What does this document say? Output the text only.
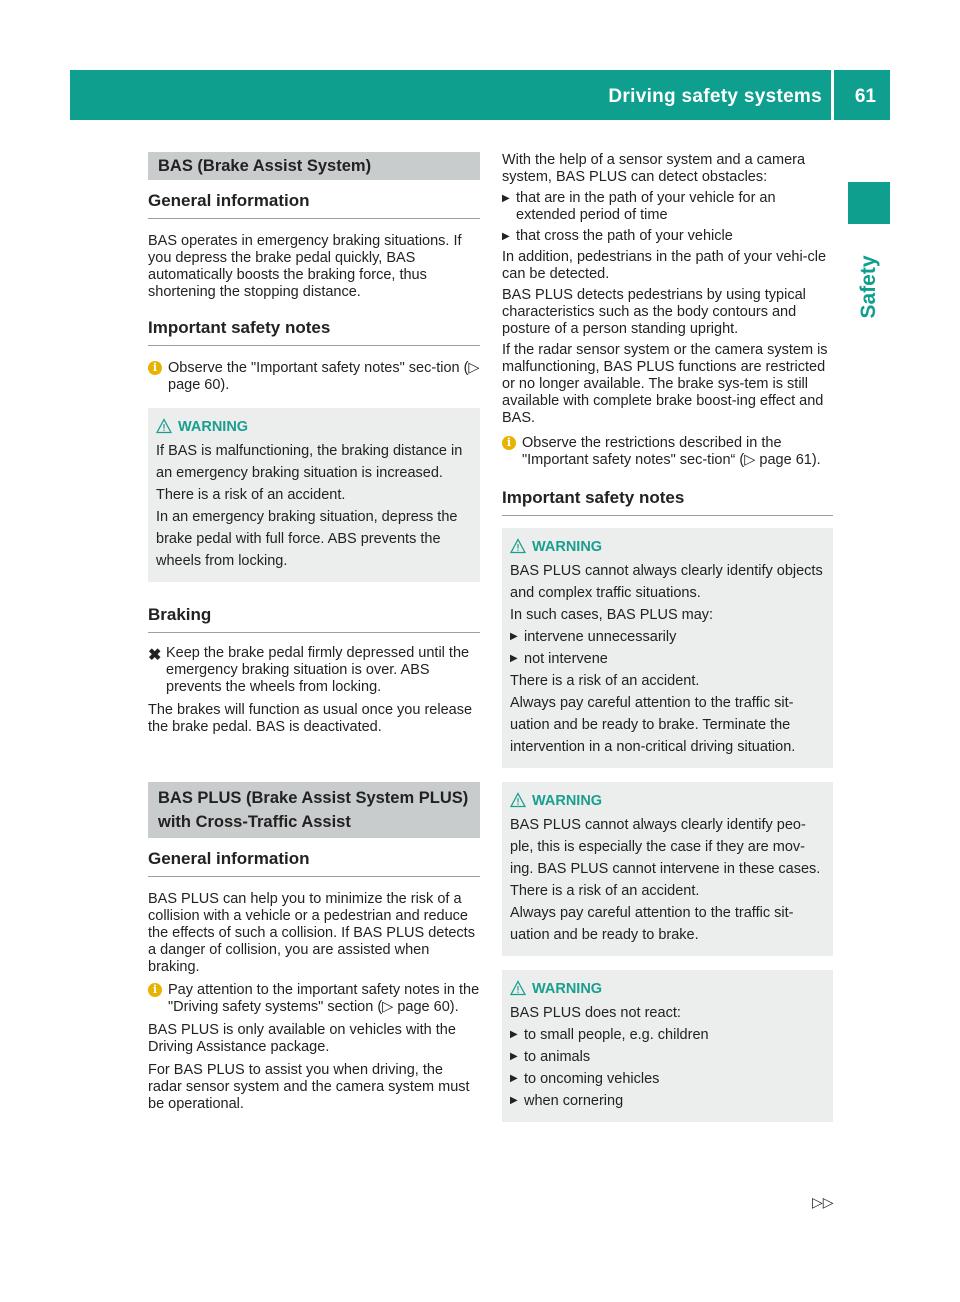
Driving safety systems 61
Safety
BAS (Brake Assist System)
General information

BAS operates in emergency braking situations. If you depress the brake pedal quickly, BAS automatically boosts the braking force, thus shortening the stopping distance.

Important safety notes
i Observe the "Important safety notes" sec-tion (▷ page 60).

WARNING

If BAS is malfunctioning, the braking distance in an emergency braking situation is increased. There is a risk of an accident.

In an emergency braking situation, depress the brake pedal with full force. ABS prevents the wheels from locking.

Braking
✖ Keep the brake pedal firmly depressed until the emergency braking situation is over. ABS prevents the wheels from locking.

The brakes will function as usual once you release the brake pedal. BAS is deactivated.

BAS PLUS (Brake Assist System PLUS) with Cross-Traffic Assist
General information

BAS PLUS can help you to minimize the risk of a collision with a vehicle or a pedestrian and reduce the effects of such a collision. If BAS PLUS detects a danger of collision, you are assisted when braking.

i Pay attention to the important safety notes in the "Driving safety systems" section (▷ page 60).

BAS PLUS is only available on vehicles with the Driving Assistance package.

For BAS PLUS to assist you when driving, the radar sensor system and the camera system must be operational.

With the help of a sensor system and a camera system, BAS PLUS can detect obstacles:

▶ that are in the path of your vehicle for an extended period of time
▶ that cross the path of your vehicle

In addition, pedestrians in the path of your vehi-cle can be detected.

BAS PLUS detects pedestrians by using typical characteristics such as the body contours and posture of a person standing upright.

If the radar sensor system or the camera system is malfunctioning, BAS PLUS functions are restricted or no longer available. The brake sys-tem is still available with complete brake boost-ing effect and BAS.

i Observe the restrictions described in the "Important safety notes" sec-tion“ (▷ page 61).

Important safety notes
WARNING

BAS PLUS cannot always clearly identify objects and complex traffic situations.

In such cases, BAS PLUS may:

▶ intervene unnecessarily
▶ not intervene

There is a risk of an accident.

Always pay careful attention to the traffic sit-uation and be ready to brake. Terminate the intervention in a non-critical driving situation.

WARNING

BAS PLUS cannot always clearly identify peo-ple, this is especially the case if they are mov-ing. BAS PLUS cannot intervene in these cases. There is a risk of an accident.

Always pay careful attention to the traffic sit-uation and be ready to brake.

WARNING

BAS PLUS does not react:

▶ to small people, e.g. children
▶ to animals
▶ to oncoming vehicles
▶ when cornering
▷▷
